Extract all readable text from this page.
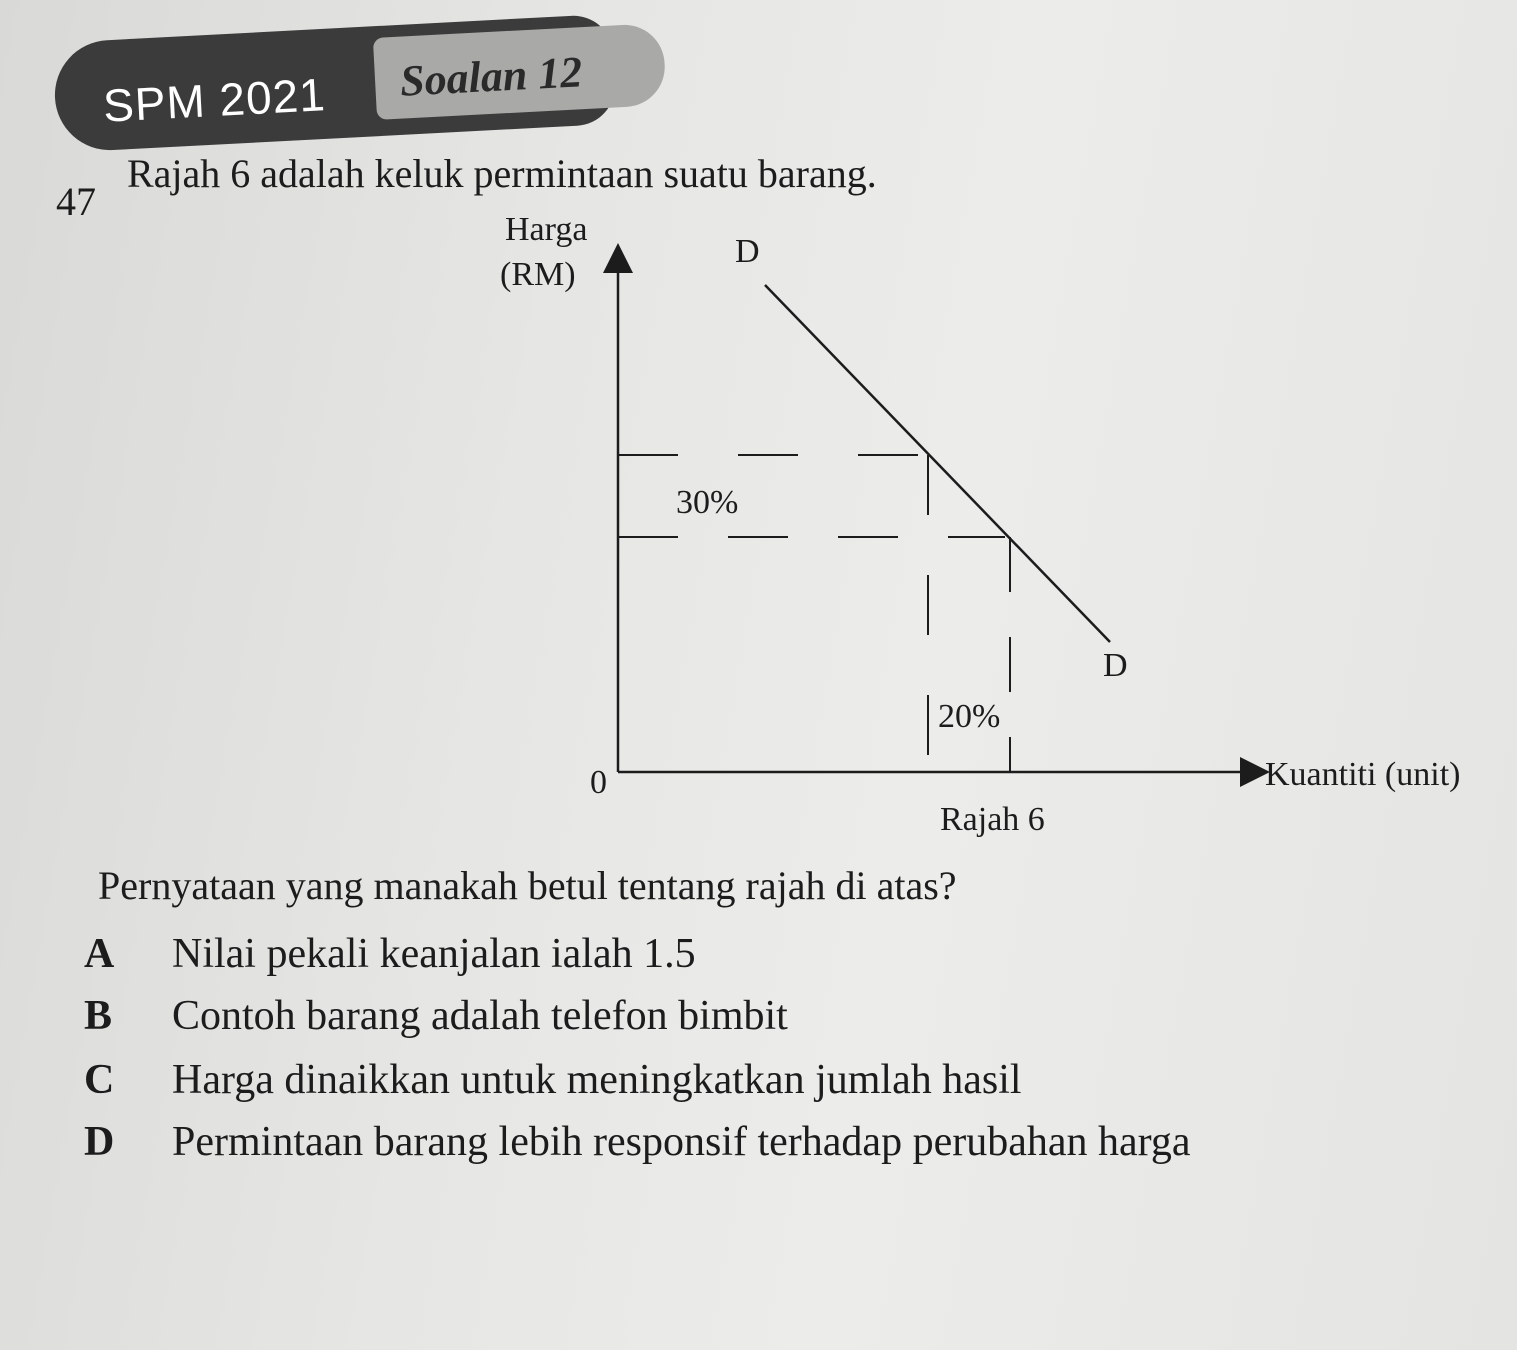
SPM 2021 Soalan 12
47
Rajah 6 adalah keluk permintaan suatu barang.
Harga
(RM)
D
D
30%
20%
0	Kuantiti (unit)
Rajah 6
Pernyataan yang manakah betul tentang rajah di atas?
A Nilai pekali keanjalan ialah 1.5
B Contoh barang adalah telefon bimbit
C Harga dinaikkan untuk meningkatkan jumlah hasil
D Permintaan barang lebih responsif terhadap perubahan harga
